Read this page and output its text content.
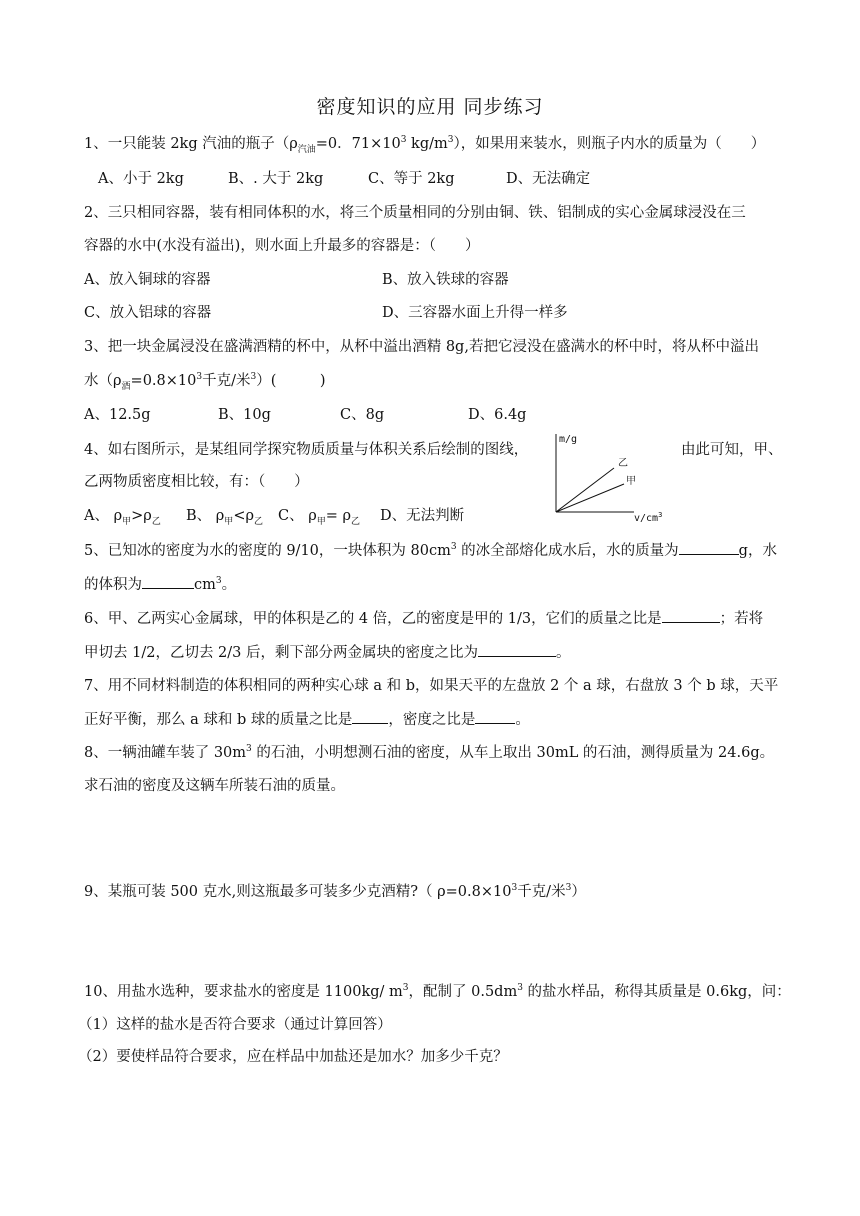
密度知识的应用 同步练习
1、一只能装 2kg 汽油的瓶子（$\rho_{汽油}=0$．$71\times 10^3$ $kg/m^3$），如果用来装水，则瓶子内水的质量为（　　）
A、小于 2kg	B、. 大于 2kg	C、等于 2kg	D、无法确定
2、三只相同容器，装有相同体积的水，将三个质量相同的分别由铜、铁、铝制成的实心金属球浸没在三
容器的水中(水没有溢出)，则水面上升最多的容器是：（　　）
A、放入铜球的容器	B、放入铁球的容器
C、放入铝球的容器	D、三容器水面上升得一样多
3、把一块金属浸没在盛满酒精的杯中，从杯中溢出酒精 8g,若把它浸没在盛满水的杯中时，将从杯中溢出
水（$\rho_酒=0.8\times 10^3$千克/米$^3$）(　　　)
A、12.5g	B、10g	C、8g	D、6.4g
4、如右图所示，是某组同学探究物质质量与体积关系后绘制的图线，	由此可知，甲、
乙两物质密度相比较，有：（　　）
A、 $\rho_甲>\rho_乙$ B、 $\rho_甲<\rho_乙$ C、 $\rho_甲= \rho_乙$ D、无法判断
m/g
乙
甲
$v/cm^3$
5、已知冰的密度为水的密度的 9/10，一块体积为 $80cm^3$ 的冰全部熔化成水后，水的质量为	g，水
的体积为	$cm^3$。
6、甲、乙两实心金属球，甲的体积是乙的 4 倍，乙的密度是甲的 1/3，它们的质量之比是	；若将
甲切去 1/2，乙切去 2/3 后，剩下部分两金属块的密度之比为	。
7、用不同材料制造的体积相同的两种实心球 a 和 b，如果天平的左盘放 2 个 a 球，右盘放 3 个 b 球，天平
正好平衡，那么 a 球和 b 球的质量之比是 ，密度之比是	。
8、一辆油罐车装了 $30m^3$ 的石油，小明想测石油的密度，从车上取出 30mL 的石油，测得质量为 24.6g。
求石油的密度及这辆车所装石油的质量。
9、某瓶可装 500 克水,则这瓶最多可装多少克酒精?（ $\rho=0.8\times 10^3$千克/米$^3$）
10、用盐水选种，要求盐水的密度是 1100kg/ $m^3$，配制了 $0.5dm^3$ 的盐水样品，称得其质量是 0.6kg，问：
（1）这样的盐水是否符合要求（通过计算回答）
（2）要使样品符合要求，应在样品中加盐还是加水？加多少千克？
